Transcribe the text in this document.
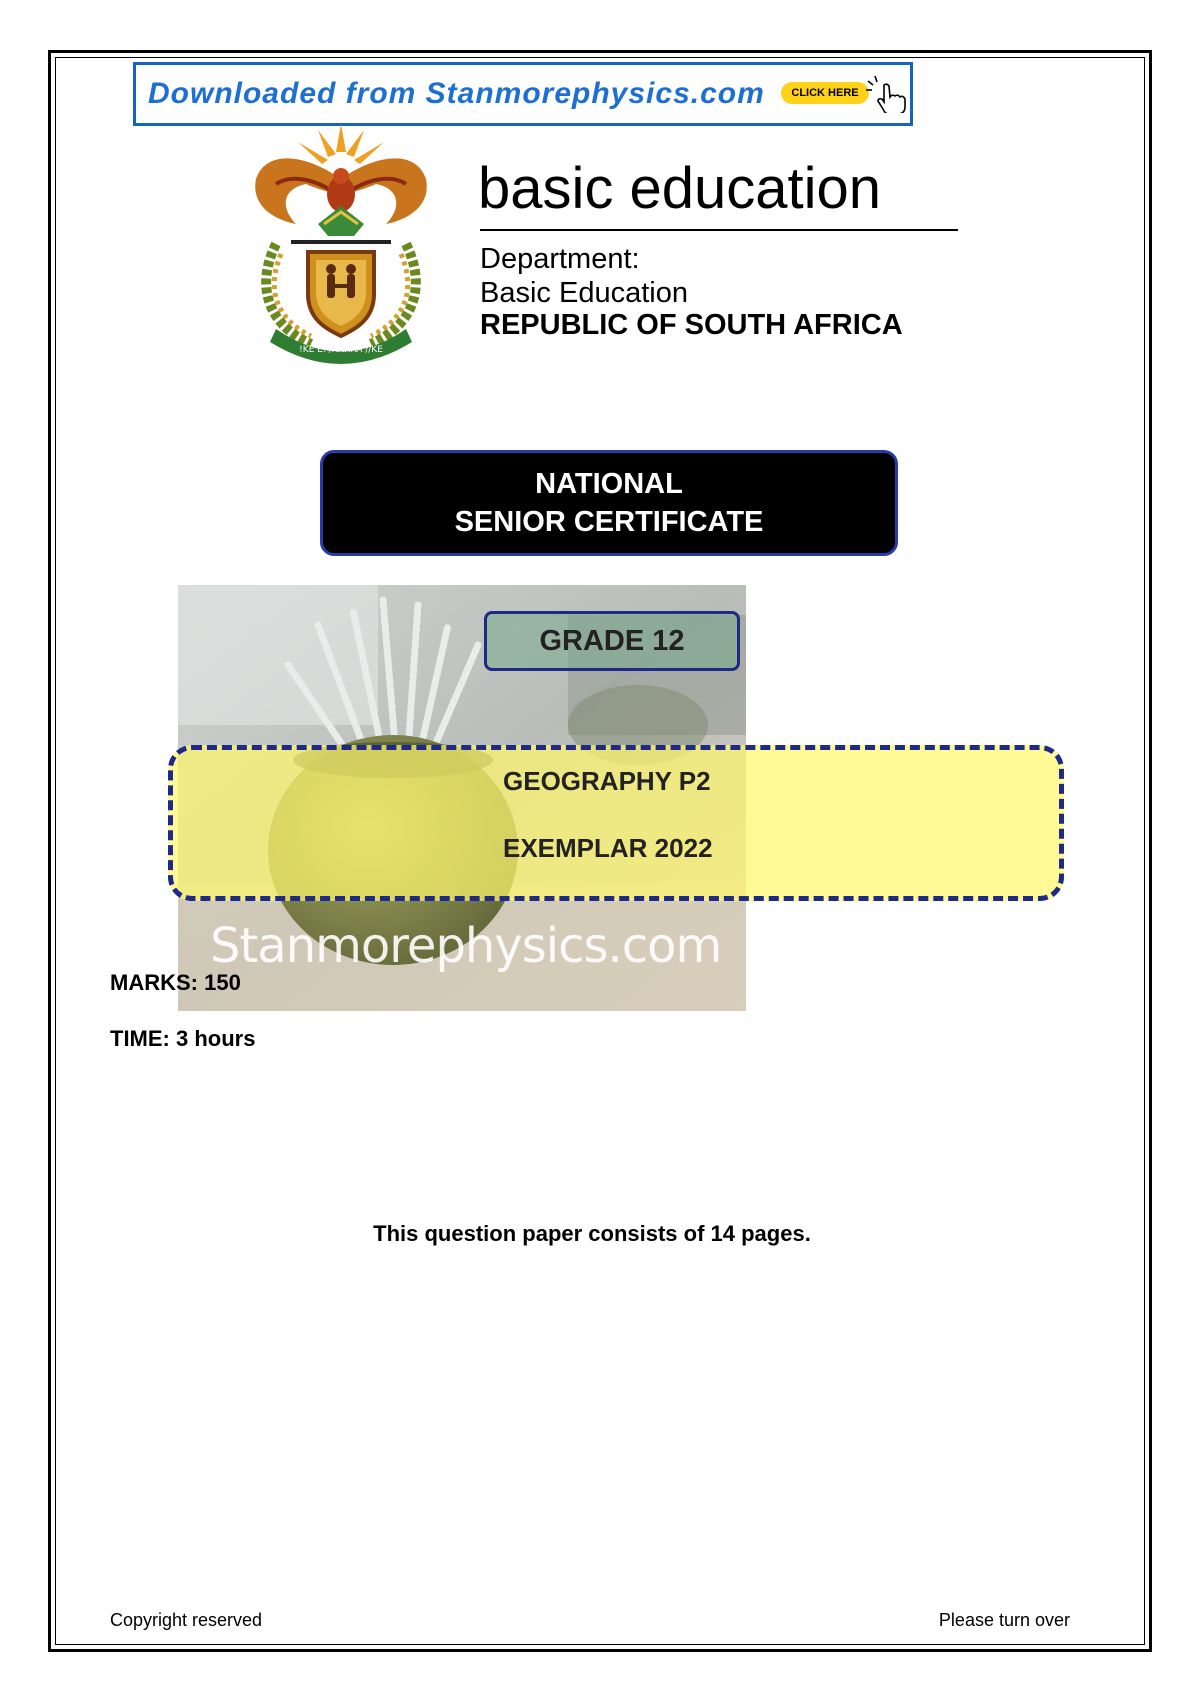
Downloaded from Stanmorephysics.com	CLICK HERE
!KE E: /XARRA //KE
basic education
Department:
Basic Education
REPUBLIC OF SOUTH AFRICA
NATIONAL
SENIOR CERTIFICATE
GRADE 12
GEOGRAPHY P2
EXEMPLAR 2022
Stanmorephysics.com
MARKS: 150
TIME: 3 hours
This question paper consists of 14 pages.
Copyright reserved	Please turn over
